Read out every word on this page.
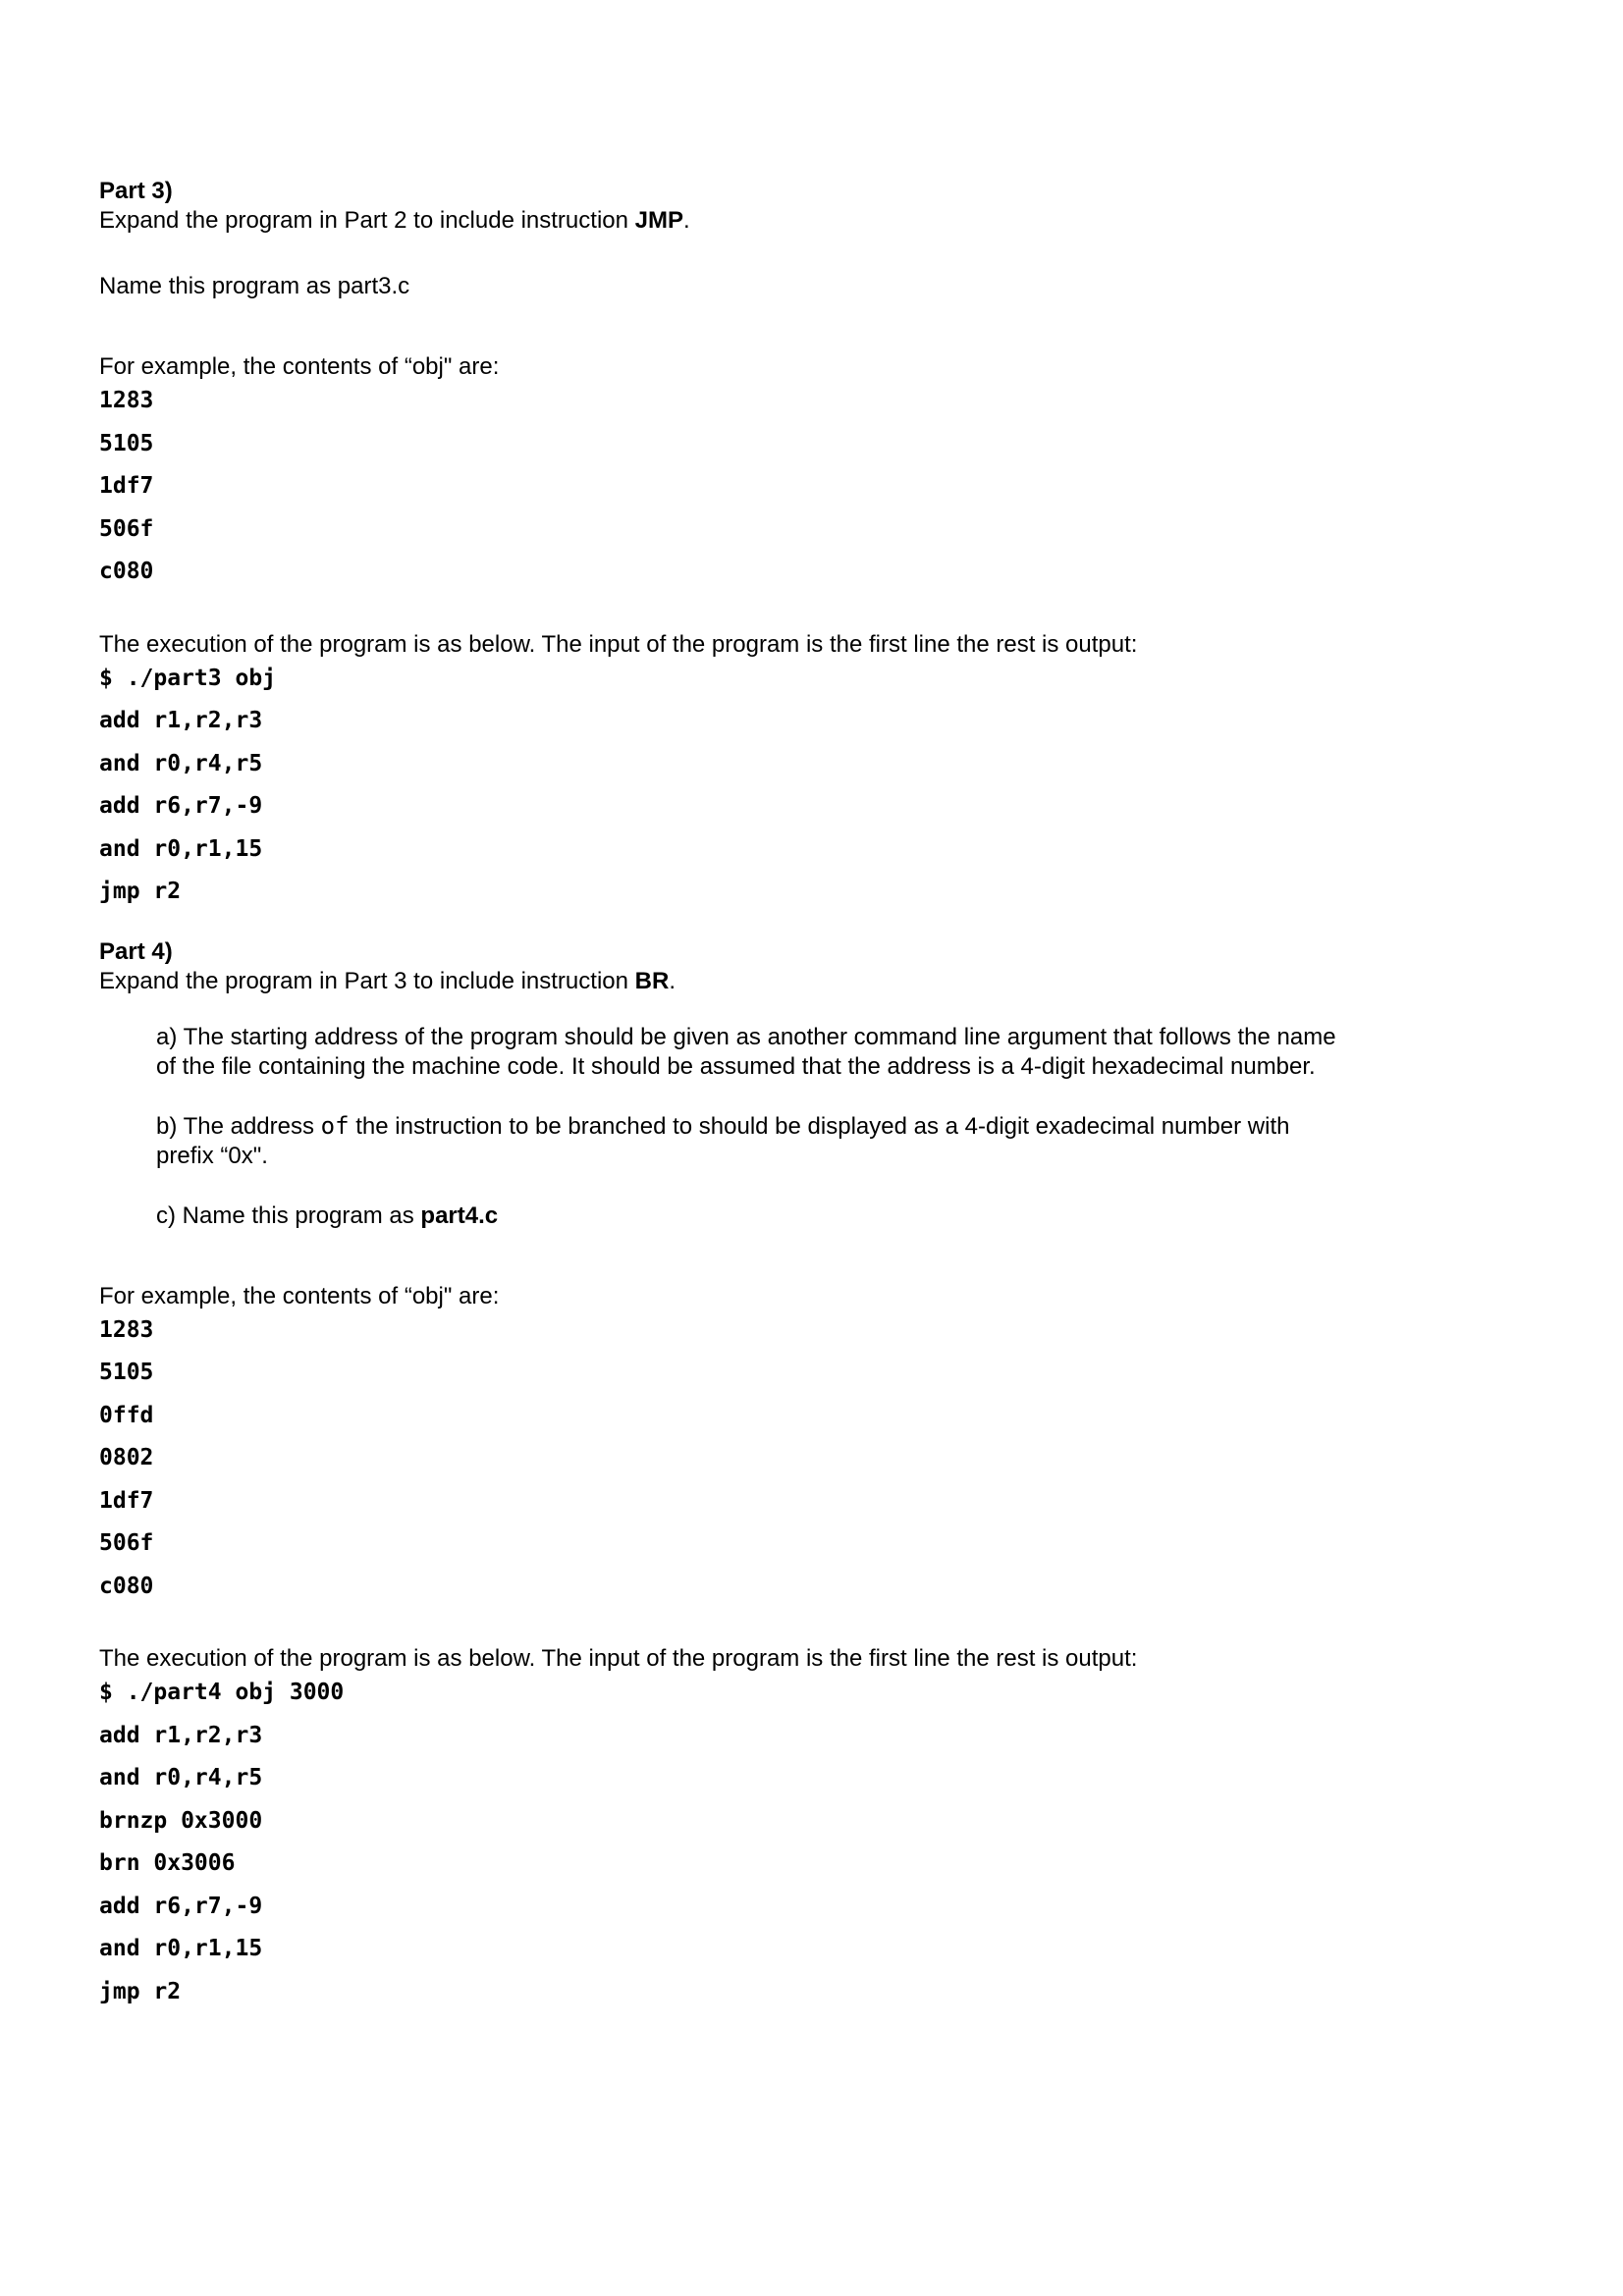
Part 3)

Expand the program in Part 2 to include instruction JMP.

Name this program as part3.c

For example, the contents of “obj" are:

1283

5105

1df7

506f

c080

The execution of the program is as below. The input of the program is the first line the rest is output:

$ ./part3 obj

add r1,r2,r3

and r0,r4,r5

add r6,r7,-9

and r0,r1,15

jmp r2

Part 4)

Expand the program in Part 3 to include instruction BR.

a) The starting address of the program should be given as another command line argument that follows the name
of the file containing the machine code. It should be assumed that the address is a 4-digit hexadecimal number.

b) The address of the instruction to be branched to should be displayed as a 4-digit exadecimal number with
prefix “0x".

c) Name this program as part4.c

For example, the contents of “obj" are:

1283

5105

0ffd

0802

1df7

506f

c080

The execution of the program is as below. The input of the program is the first line the rest is output:

$ ./part4 obj 3000

add r1,r2,r3

and r0,r4,r5

brnzp 0x3000

brn 0x3006

add r6,r7,-9

and r0,r1,15

jmp r2
